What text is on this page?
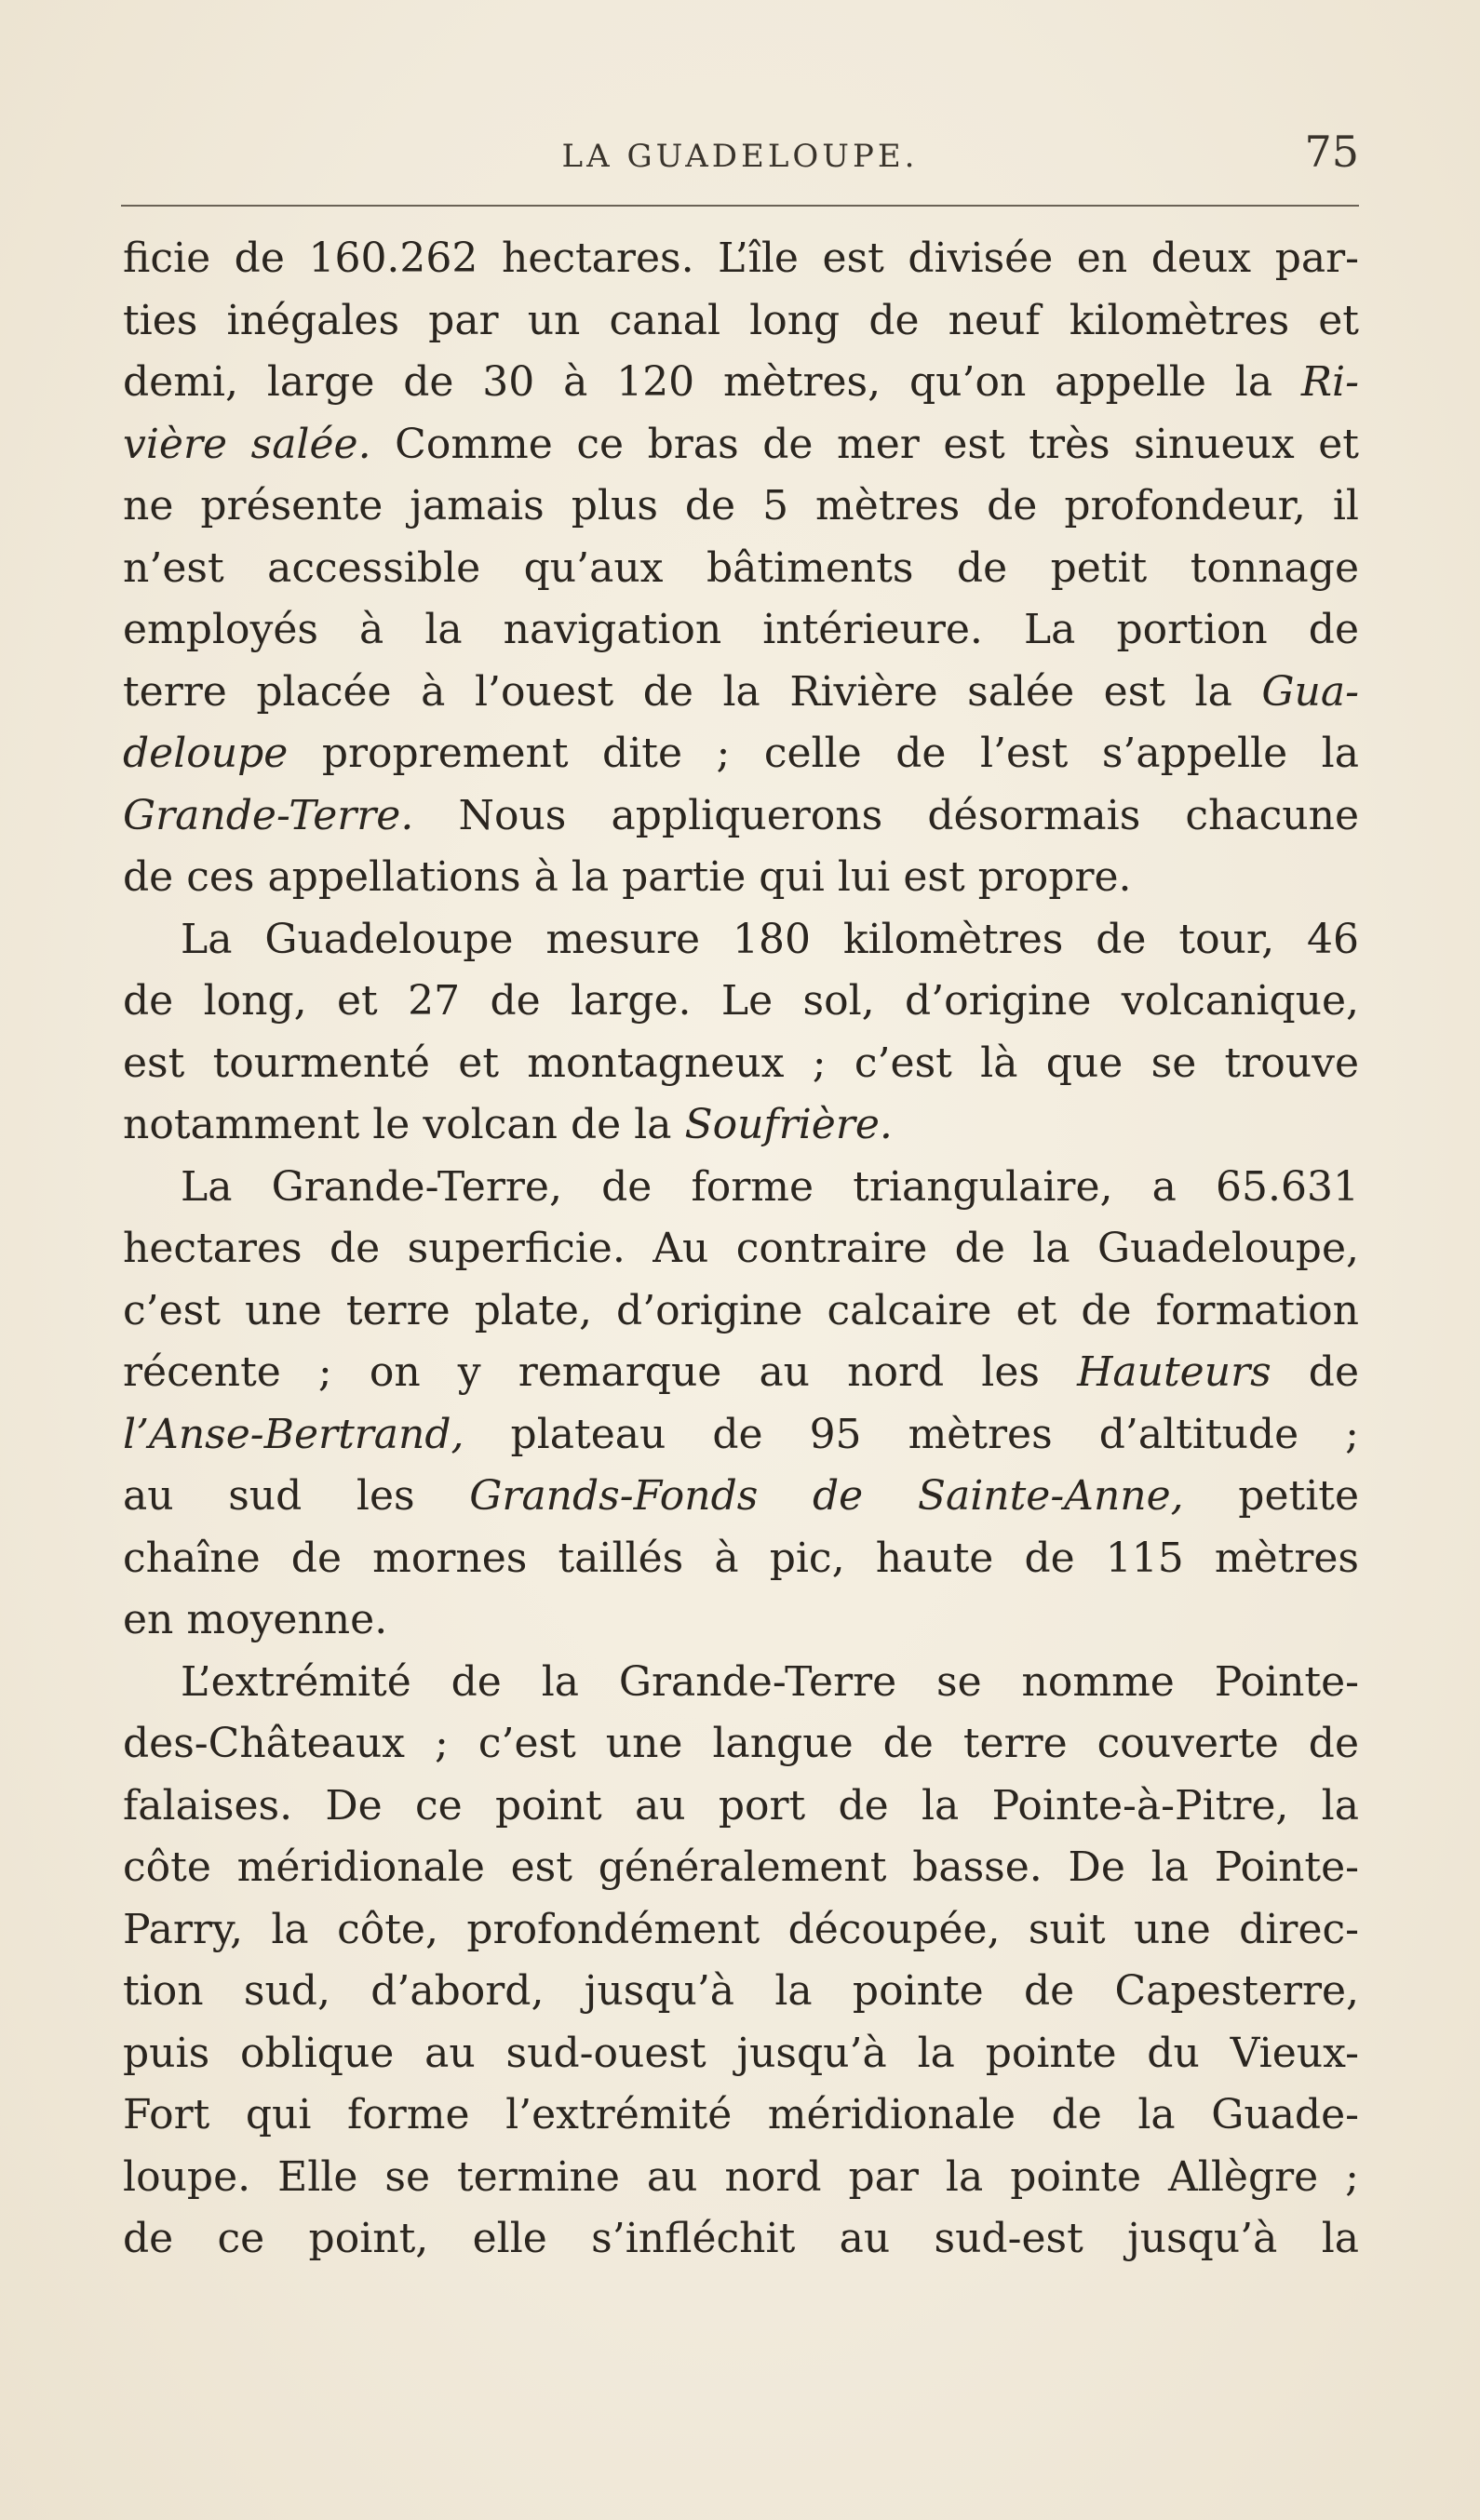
LA GUADELOUPE.	75
ficie de 160.262 hectares. L’île est divisée en deux par-
ties inégales par un canal long de neuf kilomètres et
demi, large de 30 à 120 mètres, qu’on appelle la Ri-
vière salée. Comme ce bras de mer est très sinueux et
ne présente jamais plus de 5 mètres de profondeur, il
n’est accessible qu’aux bâtiments de petit tonnage
employés à la navigation intérieure. La portion de
terre placée à l’ouest de la Rivière salée est la Gua-
deloupe proprement dite ; celle de l’est s’appelle la
Grande-Terre. Nous appliquerons désormais chacune
de ces appellations à la partie qui lui est propre.
La Guadeloupe mesure 180 kilomètres de tour, 46
de long, et 27 de large. Le sol, d’origine volcanique,
est tourmenté et montagneux ; c’est là que se trouve
notamment le volcan de la Soufrière.
La Grande-Terre, de forme triangulaire, a 65.631
hectares de superficie. Au contraire de la Guadeloupe,
c’est une terre plate, d’origine calcaire et de formation
récente ; on y remarque au nord les Hauteurs de
l’Anse-Bertrand, plateau de 95 mètres d’altitude ;
au sud les Grands-Fonds de Sainte-Anne, petite
chaîne de mornes taillés à pic, haute de 115 mètres
en moyenne.
L’extrémité de la Grande-Terre se nomme Pointe-
des-Châteaux ; c’est une langue de terre couverte de
falaises. De ce point au port de la Pointe-à-Pitre, la
côte méridionale est généralement basse. De la Pointe-
Parry, la côte, profondément découpée, suit une direc-
tion sud, d’abord, jusqu’à la pointe de Capesterre,
puis oblique au sud-ouest jusqu’à la pointe du Vieux-
Fort qui forme l’extrémité méridionale de la Guade-
loupe. Elle se termine au nord par la pointe Allègre ;
de ce point, elle s’infléchit au sud-est jusqu’à la
